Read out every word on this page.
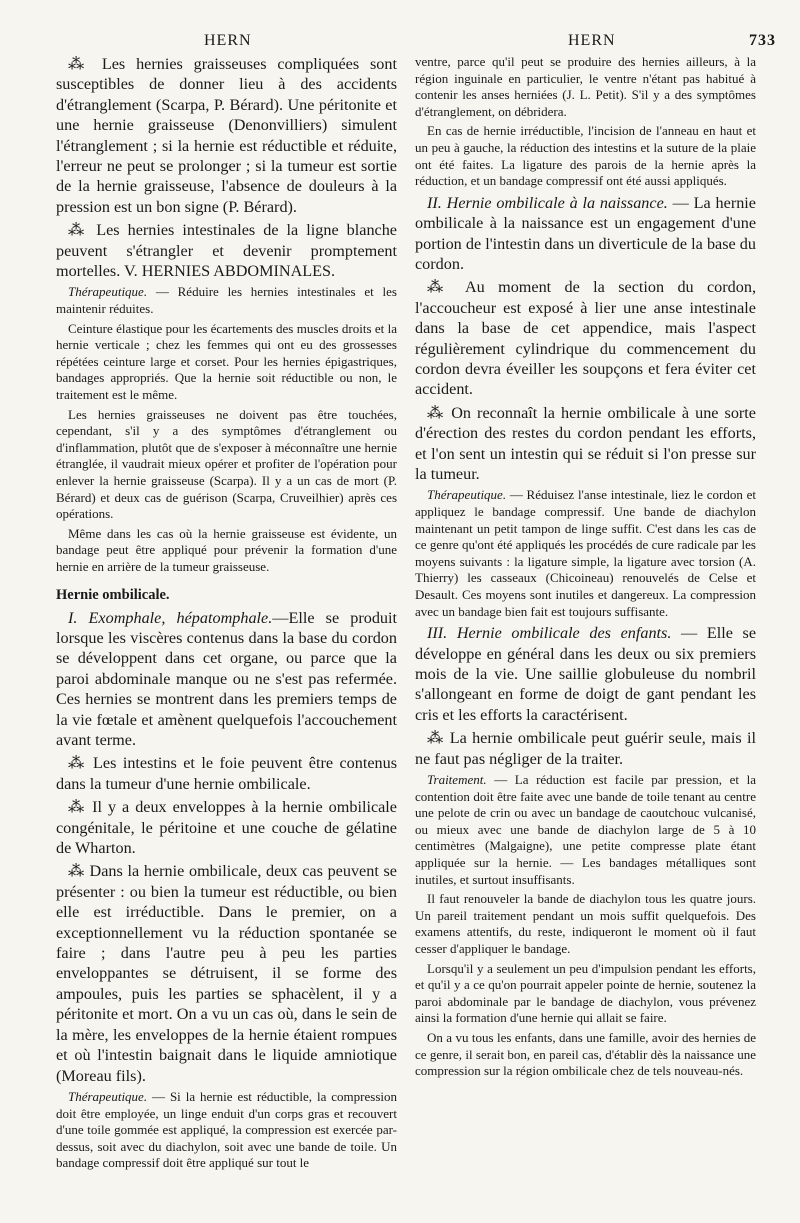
HERN	HERN	733

⁂ Les hernies graisseuses compliquées sont susceptibles de donner lieu à des accidents d'étranglement (Scarpa, P. Bérard). Une péritonite et une hernie graisseuse (Denonvilliers) simulent l'étranglement ; si la hernie est réductible et réduite, l'erreur ne peut se prolonger ; si la tumeur est sortie de la hernie graisseuse, l'absence de douleurs à la pression est un bon signe (P. Bérard).

⁂ Les hernies intestinales de la ligne blanche peuvent s'étrangler et devenir promptement mortelles. V. HERNIES ABDOMINALES.

Thérapeutique. — Réduire les hernies intestinales et les maintenir réduites.

Ceinture élastique pour les écartements des muscles droits et la hernie verticale ; chez les femmes qui ont eu des grossesses répétées ceinture large et corset. Pour les hernies épigastriques, bandages appropriés. Que la hernie soit réductible ou non, le traitement est le même.

Les hernies graisseuses ne doivent pas être touchées, cependant, s'il y a des symptômes d'étranglement ou d'inflammation, plutôt que de s'exposer à méconnaître une hernie étranglée, il vaudrait mieux opérer et profiter de l'opération pour enlever la hernie graisseuse (Scarpa). Il y a un cas de mort (P. Bérard) et deux cas de guérison (Scarpa, Cruveilhier) après ces opérations.

Même dans les cas où la hernie graisseuse est évidente, un bandage peut être appliqué pour prévenir la formation d'une hernie en arrière de la tumeur graisseuse.

Hernie ombilicale.

I. Exomphale, hépatomphale.—Elle se produit lorsque les viscères contenus dans la base du cordon se développent dans cet organe, ou parce que la paroi abdominale manque ou ne s'est pas refermée. Ces hernies se montrent dans les premiers temps de la vie fœtale et amènent quelquefois l'accouchement avant terme.

⁂ Les intestins et le foie peuvent être contenus dans la tumeur d'une hernie ombilicale.

⁂ Il y a deux enveloppes à la hernie ombilicale congénitale, le péritoine et une couche de gélatine de Wharton.

⁂ Dans la hernie ombilicale, deux cas peuvent se présenter : ou bien la tumeur est réductible, ou bien elle est irréductible. Dans le premier, on a exceptionnellement vu la réduction spontanée se faire ; dans l'autre peu à peu les parties enveloppantes se détruisent, il se forme des ampoules, puis les parties se sphacèlent, il y a péritonite et mort. On a vu un cas où, dans le sein de la mère, les enveloppes de la hernie étaient rompues et où l'intestin baignait dans le liquide amniotique (Moreau fils).

Thérapeutique. — Si la hernie est réductible, la compression doit être employée, un linge enduit d'un corps gras et recouvert d'une toile gommée est appliqué, la compression est exercée par-dessus, soit avec du diachylon, soit avec une bande de toile. Un bandage compressif doit être appliqué sur tout le

ventre, parce qu'il peut se produire des hernies ailleurs, à la région inguinale en particulier, le ventre n'étant pas habitué à contenir les anses herniées (J. L. Petit). S'il y a des symptômes d'étranglement, on débridera.

En cas de hernie irréductible, l'incision de l'anneau en haut et un peu à gauche, la réduction des intestins et la suture de la plaie ont été faites. La ligature des parois de la hernie après la réduction, et un bandage compressif ont été aussi appliqués.

II. Hernie ombilicale à la naissance. — La hernie ombilicale à la naissance est un engagement d'une portion de l'intestin dans un diverticule de la base du cordon.

⁂ Au moment de la section du cordon, l'accoucheur est exposé à lier une anse intestinale dans la base de cet appendice, mais l'aspect régulièrement cylindrique du commencement du cordon devra éveiller les soupçons et fera éviter cet accident.

⁂ On reconnaît la hernie ombilicale à une sorte d'érection des restes du cordon pendant les efforts, et l'on sent un intestin qui se réduit si l'on presse sur la tumeur.

Thérapeutique. — Réduisez l'anse intestinale, liez le cordon et appliquez le bandage compressif. Une bande de diachylon maintenant un petit tampon de linge suffit. C'est dans les cas de ce genre qu'ont été appliqués les procédés de cure radicale par les moyens suivants : la ligature simple, la ligature avec torsion (A. Thierry) les casseaux (Chicoineau) renouvelés de Celse et Desault. Ces moyens sont inutiles et dangereux. La compression avec un bandage bien fait est toujours suffisante.

III. Hernie ombilicale des enfants. — Elle se développe en général dans les deux ou six premiers mois de la vie. Une saillie globuleuse du nombril s'allongeant en forme de doigt de gant pendant les cris et les efforts la caractérisent.

⁂ La hernie ombilicale peut guérir seule, mais il ne faut pas négliger de la traiter.

Traitement. — La réduction est facile par pression, et la contention doit être faite avec une bande de toile tenant au centre une pelote de crin ou avec un bandage de caoutchouc vulcanisé, ou mieux avec une bande de diachylon large de 5 à 10 centimètres (Malgaigne), une petite compresse plate étant appliquée sur la hernie. — Les bandages métalliques sont inutiles, et surtout insuffisants.

Il faut renouveler la bande de diachylon tous les quatre jours. Un pareil traitement pendant un mois suffit quelquefois. Des examens attentifs, du reste, indiqueront le moment où il faut cesser d'appliquer le bandage.

Lorsqu'il y a seulement un peu d'impulsion pendant les efforts, et qu'il y a ce qu'on pourrait appeler pointe de hernie, soutenez la paroi abdominale par le bandage de diachylon, vous prévenez ainsi la formation d'une hernie qui allait se faire.

On a vu tous les enfants, dans une famille, avoir des hernies de ce genre, il serait bon, en pareil cas, d'établir dès la naissance une compression sur la région ombilicale chez de tels nouveau-nés.
